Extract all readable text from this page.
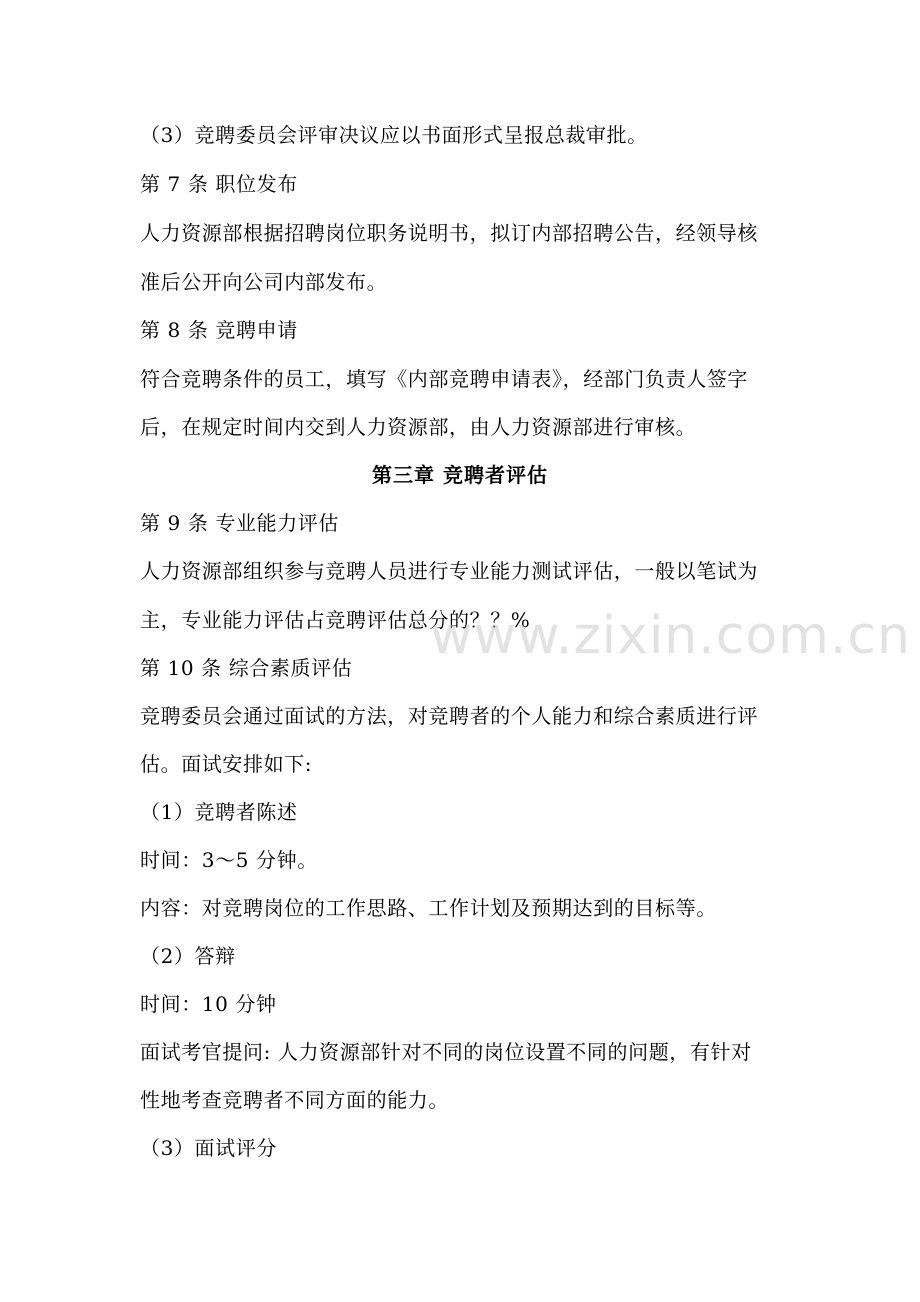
（3）竞聘委员会评审决议应以书面形式呈报总裁审批。
第 7 条 职位发布
人力资源部根据招聘岗位职务说明书，拟订内部招聘公告，经领导核
准后公开向公司内部发布。
第 8 条 竞聘申请
符合竞聘条件的员工，填写《内部竞聘申请表》，经部门负责人签字
后，在规定时间内交到人力资源部，由人力资源部进行审核。
第三章 竞聘者评估
第 9 条 专业能力评估
人力资源部组织参与竞聘人员进行专业能力测试评估，一般以笔试为
主，专业能力评估占竞聘评估总分的？？%
第 10 条 综合素质评估
竞聘委员会通过面试的方法，对竞聘者的个人能力和综合素质进行评
估。面试安排如下:
（1）竞聘者陈述
时间：3～5 分钟。
内容：对竞聘岗位的工作思路、工作计划及预期达到的目标等。
（2）答辩
时间：10 分钟
面试考官提问: 人力资源部针对不同的岗位设置不同的问题，有针对
性地考查竞聘者不同方面的能力。
（3）面试评分
www.zixin.com.cn
